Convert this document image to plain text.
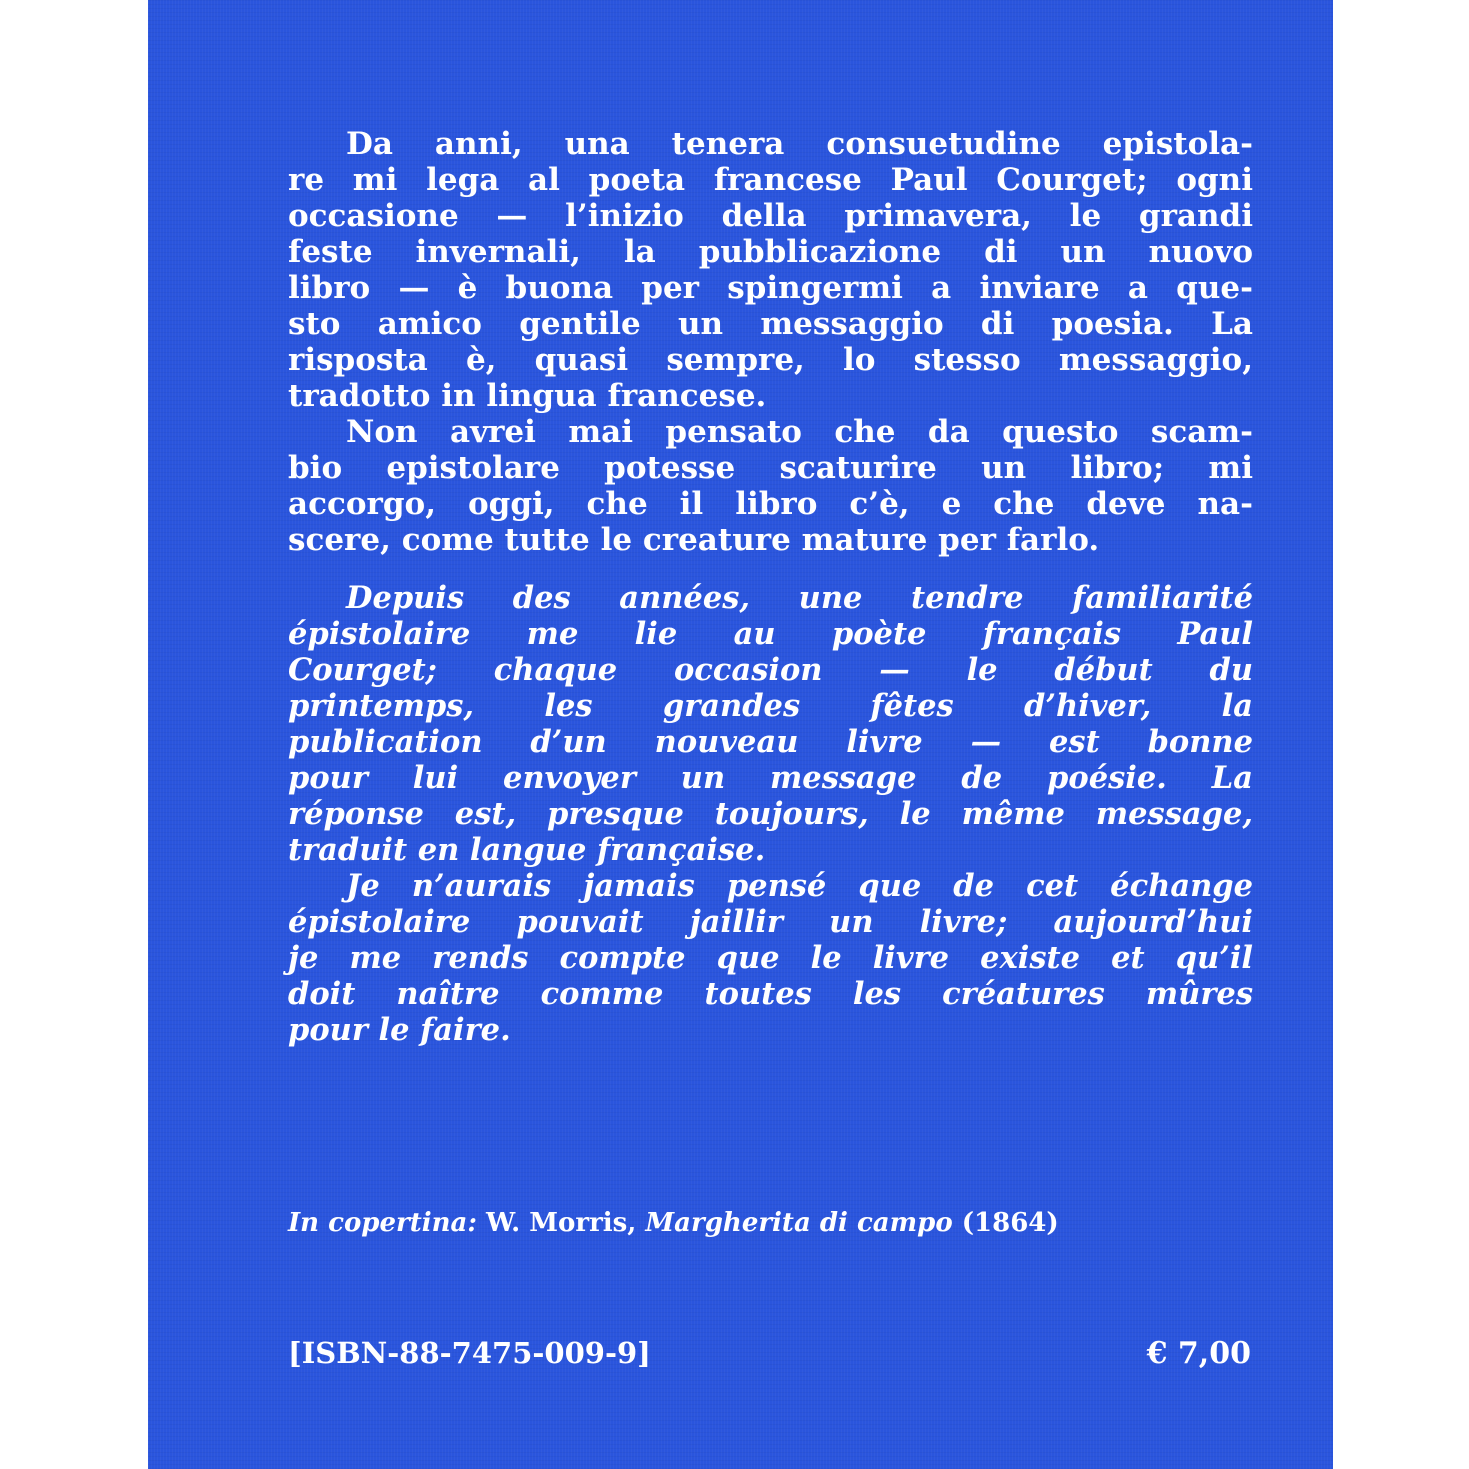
Da anni, una tenera consuetudine epistola-
re mi lega al poeta francese Paul Courget; ogni
occasione — l’inizio della primavera, le grandi
feste invernali, la pubblicazione di un nuovo
libro — è buona per spingermi a inviare a que-
sto amico gentile un messaggio di poesia. La
risposta è, quasi sempre, lo stesso messaggio,
tradotto in lingua francese.
Non avrei mai pensato che da questo scam-
bio epistolare potesse scaturire un libro; mi
accorgo, oggi, che il libro c’è, e che deve na-
scere, come tutte le creature mature per farlo.
Depuis des années, une tendre familiarité
épistolaire me lie au poète français Paul
Courget; chaque occasion — le début du
printemps, les grandes fêtes d’hiver, la
publication d’un nouveau livre — est bonne
pour lui envoyer un message de poésie. La
réponse est, presque toujours, le même message,
traduit en langue française.
Je n’aurais jamais pensé que de cet échange
épistolaire pouvait jaillir un livre; aujourd’hui
je me rends compte que le livre existe et qu’il
doit naître comme toutes les créatures mûres
pour le faire.
In copertina: W. Morris, Margherita di campo (1864)
[ISBN-88-7475-009-9]	€ 7,00
